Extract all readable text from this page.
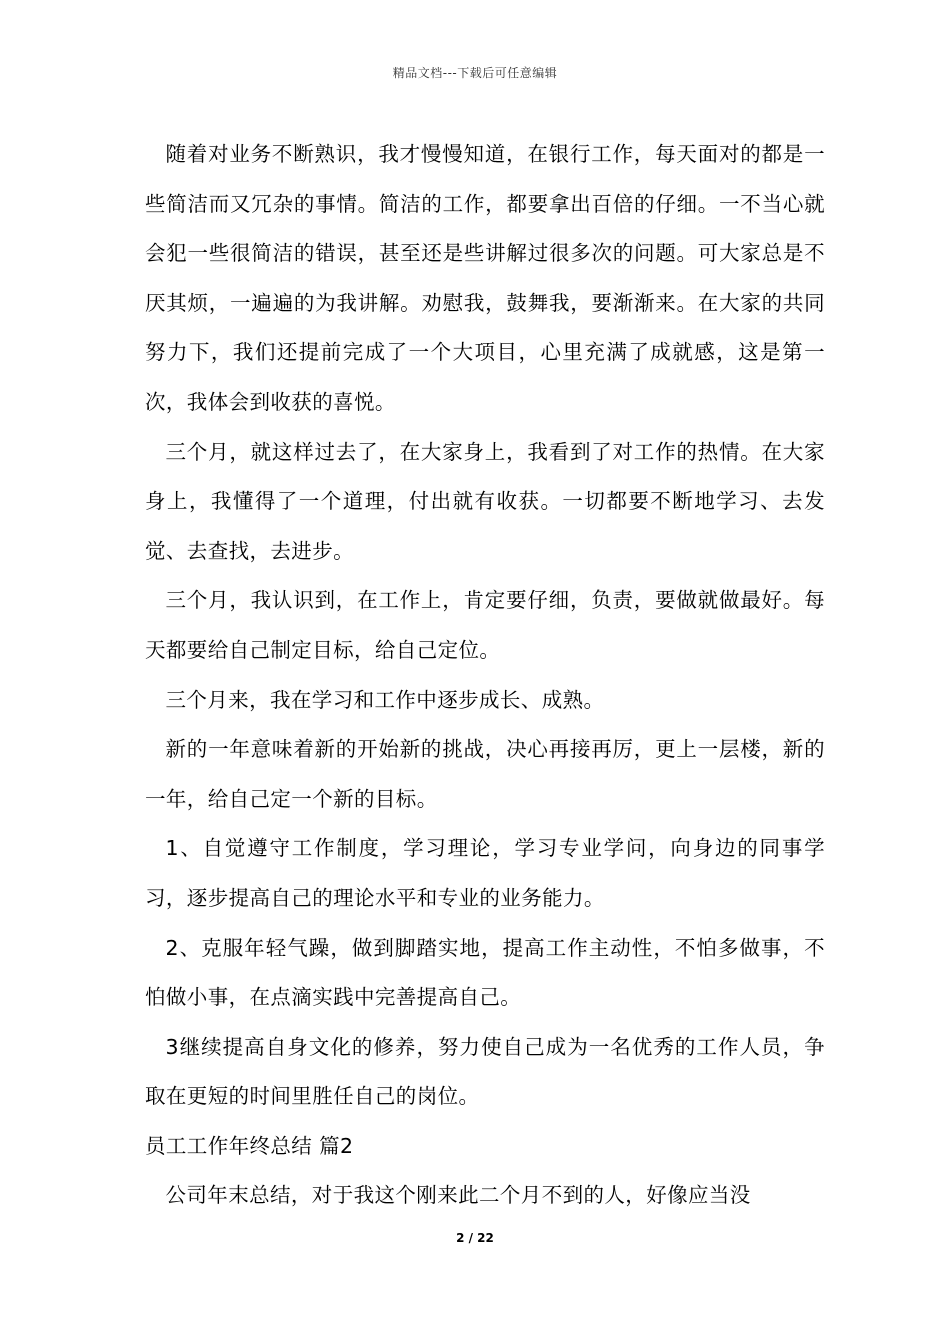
精品文档---下载后可任意编辑

随着对业务不断熟识，我才慢慢知道，在银行工作，每天面对的都是一些简洁而又冗杂的事情。简洁的工作，都要拿出百倍的仔细。一不当心就会犯一些很简洁的错误，甚至还是些讲解过很多次的问题。可大家总是不厌其烦，一遍遍的为我讲解。劝慰我，鼓舞我，要渐渐来。在大家的共同努力下，我们还提前完成了一个大项目，心里充满了成就感，这是第一次，我体会到收获的喜悦。

三个月，就这样过去了，在大家身上，我看到了对工作的热情。在大家身上，我懂得了一个道理，付出就有收获。一切都要不断地学习、去发觉、去查找，去进步。

三个月，我认识到，在工作上，肯定要仔细，负责，要做就做最好。每天都要给自己制定目标，给自己定位。

三个月来，我在学习和工作中逐步成长、成熟。

新的一年意味着新的开始新的挑战，决心再接再厉，更上一层楼，新的一年，给自己定一个新的目标。

1、自觉遵守工作制度，学习理论，学习专业学问，向身边的同事学习，逐步提高自己的理论水平和专业的业务能力。

2、克服年轻气躁，做到脚踏实地，提高工作主动性，不怕多做事，不怕做小事，在点滴实践中完善提高自己。

3继续提高自身文化的修养，努力使自己成为一名优秀的工作人员，争取在更短的时间里胜任自己的岗位。

员工工作年终总结 篇2

公司年末总结，对于我这个刚来此二个月不到的人，好像应当没

2 / 22
